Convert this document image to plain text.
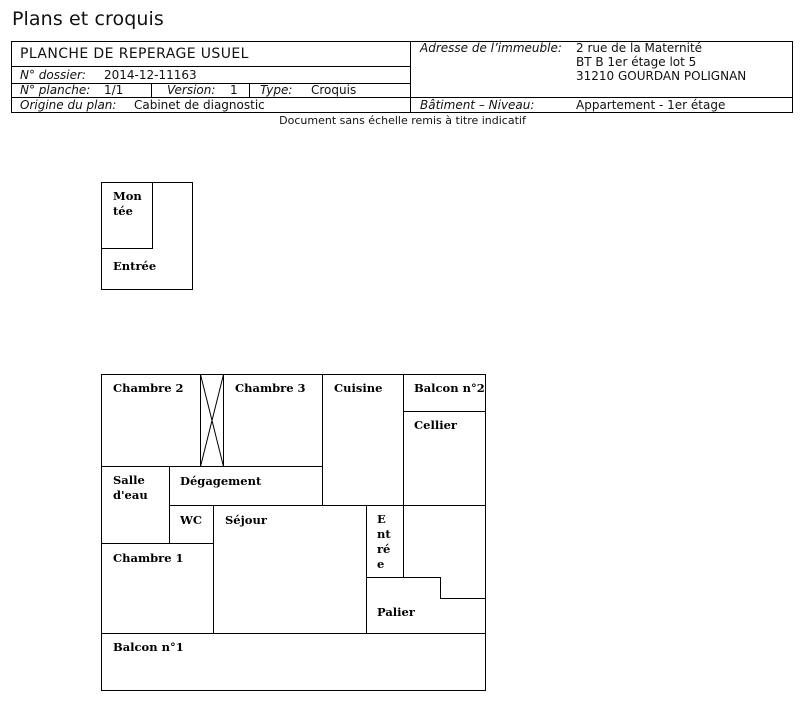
Plans et croquis
PLANCHE DE REPERAGE USUEL
N° dossier: 2014-12-11163
N° planche: 1/1	Version: 1 Type: Croquis
Origine du plan: Cabinet de diagnostic
Adresse de l’immeuble: 2 rue de la Maternité
BT B 1er étage lot 5
31210 GOURDAN POLIGNAN
Bâtiment – Niveau:	Appartement - 1er étage
Document sans échelle remis à titre indicatif
Mon
tée
Entrée
Chambre 2	Chambre 3 Cuisine	Balcon n°2
Cellier
Salle
d'eau
Dégagement
WC Séjour	E
nt
ré
e
Chambre 1
Palier
Balcon n°1
